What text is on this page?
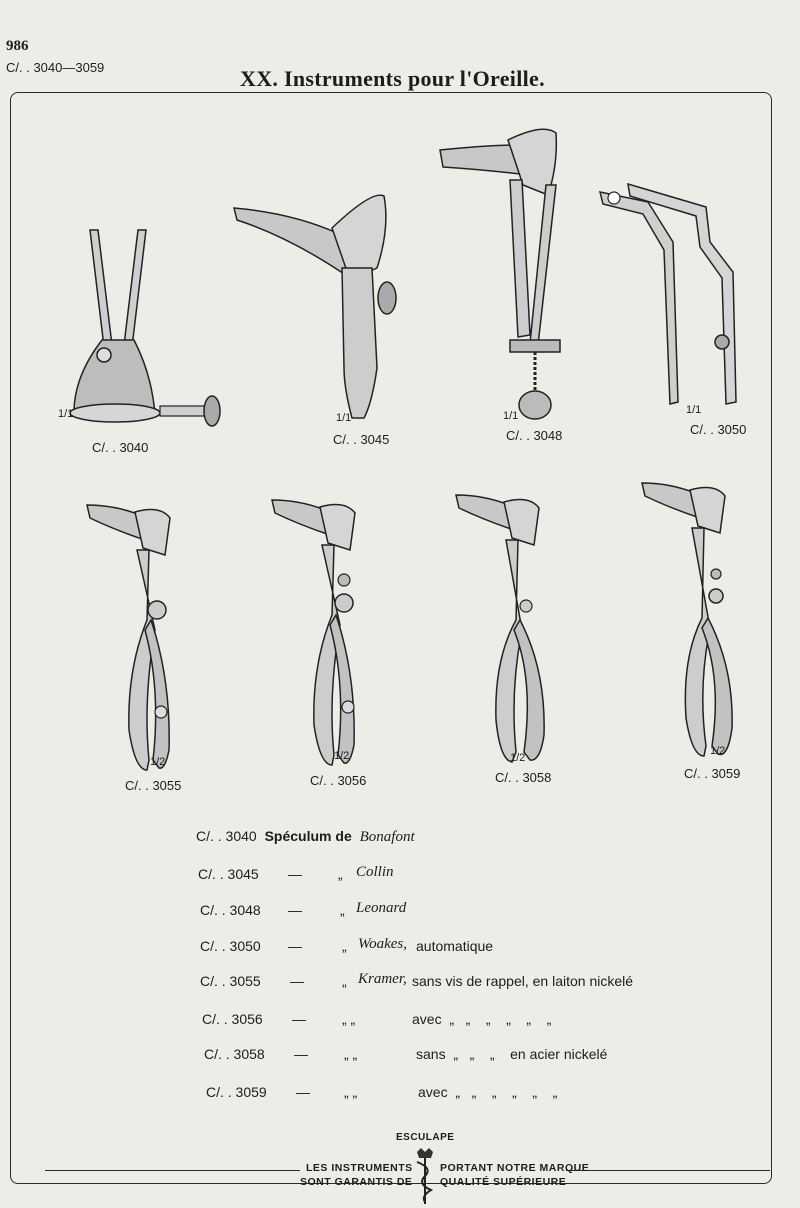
986
C/. . 3040—3059	XX. Instruments pour l'Oreille.
1/1
C/. . 3040
1/1
C/. . 3045
1/1
C/. . 3048
1/1
C/. . 3050
1/2
C/. . 3055
1/2
C/. . 3056
1/2
C/. . 3058
1/2
C/. . 3059
C/. . 3040 Spéculum de Bonafont
C/. . 3045 —	„ Collin
C/. . 3048 —	„ Leonard
C/. . 3050 —	„ Woakes, automatique
C/. . 3055 —	„ Kramer, sans vis de rappel, en laiton nickelé
C/. . 3056 —	„ „	avec  „   „    „    „    „    „
C/. . 3058 —	„ „	sans  „   „    „    en acier nickelé
C/. . 3059 — „ „	avec  „   „    „    „    „    „
ESCULAPE
LES INSTRUMENTS
SONT GARANTIS DE
PORTANT NOTRE MARQUE
QUALITÉ SUPÉRIEURE
